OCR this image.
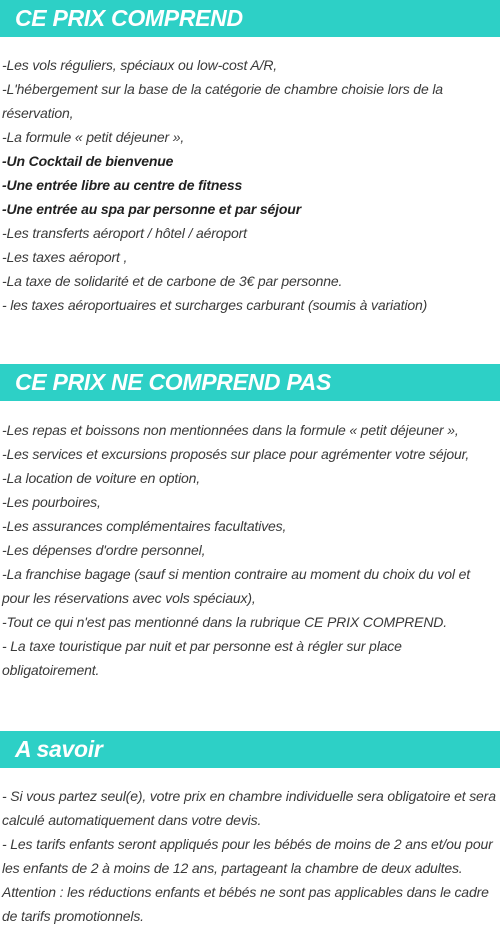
CE PRIX COMPREND
-Les vols réguliers, spéciaux ou low-cost A/R,
-L'hébergement sur la base de la catégorie de chambre choisie lors de la réservation,
-La formule « petit déjeuner »,
-Un Cocktail de bienvenue
-Une entrée libre au centre de fitness
-Une entrée au spa par personne et par séjour
-Les transferts aéroport / hôtel / aéroport
-Les taxes aéroport ,
-La taxe de solidarité et de carbone de 3€ par personne.
- les taxes aéroportuaires et surcharges carburant (soumis à variation)
CE PRIX NE COMPREND PAS
-Les repas et boissons non mentionnées dans la formule « petit déjeuner »,
-Les services et excursions proposés sur place pour agrémenter votre séjour,
-La location de voiture en option,
-Les pourboires,
-Les assurances complémentaires facultatives,
-Les dépenses d'ordre personnel,
-La franchise bagage (sauf si mention contraire au moment du choix du vol et pour les réservations avec vols spéciaux),
-Tout ce qui n'est pas mentionné dans la rubrique CE PRIX COMPREND.
- La taxe touristique par nuit et par personne est à régler sur place obligatoirement.
A savoir
- Si vous partez seul(e), votre prix en chambre individuelle sera obligatoire et sera calculé automatiquement dans votre devis.
- Les tarifs enfants seront appliqués pour les bébés de moins de 2 ans et/ou pour les enfants de 2 à moins de 12 ans, partageant la chambre de deux adultes.
Attention : les réductions enfants et bébés ne sont pas applicables dans le cadre de tarifs promotionnels.
